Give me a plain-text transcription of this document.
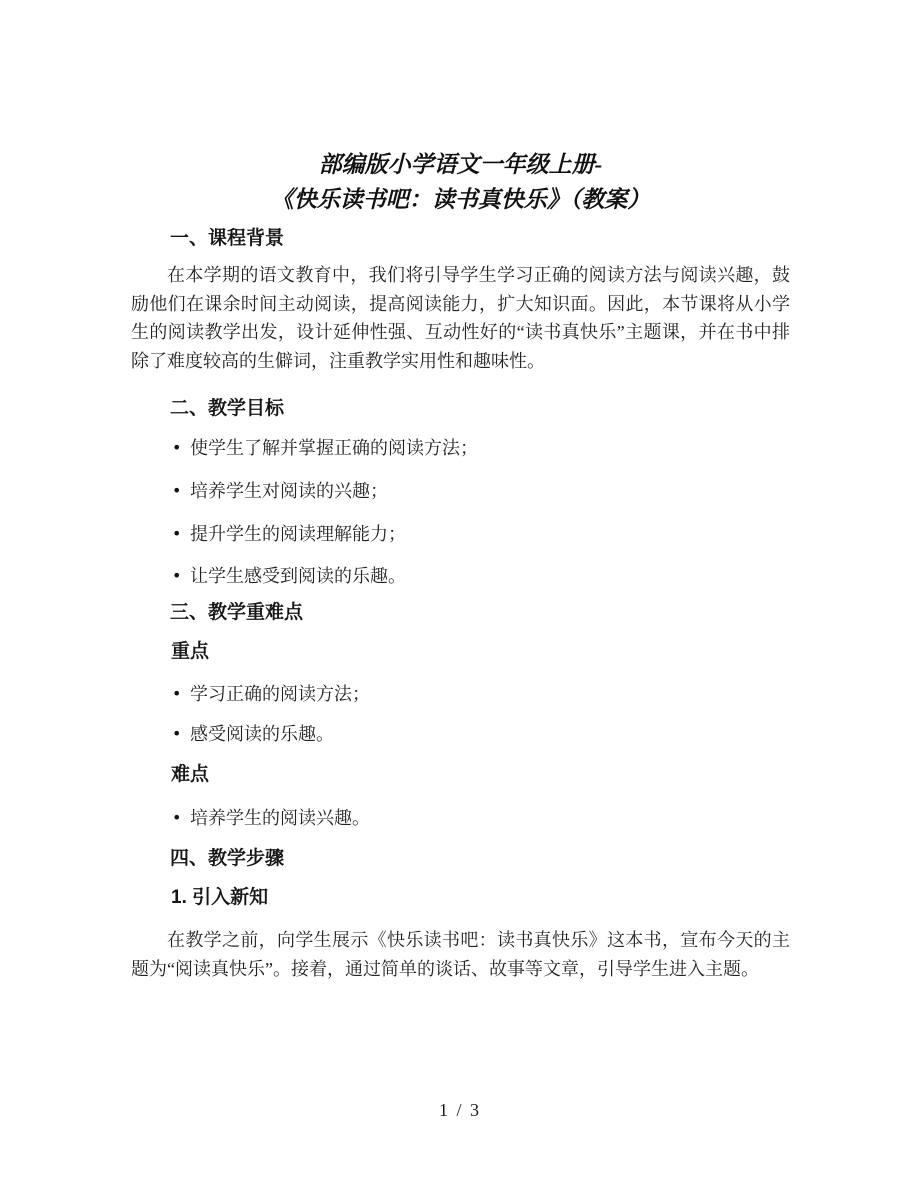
部编版小学语文一年级上册-
《快乐读书吧：读书真快乐》（教案）
一、课程背景

在本学期的语文教育中，我们将引导学生学习正确的阅读方法与阅读兴趣，鼓励他们在课余时间主动阅读，提高阅读能力，扩大知识面。因此，本节课将从小学生的阅读教学出发，设计延伸性强、互动性好的“读书真快乐”主题课，并在书中排除了难度较高的生僻词，注重教学实用性和趣味性。

二、教学目标
• 使学生了解并掌握正确的阅读方法；
• 培养学生对阅读的兴趣；
• 提升学生的阅读理解能力；
• 让学生感受到阅读的乐趣。
三、教学重难点
重点
• 学习正确的阅读方法；
• 感受阅读的乐趣。
难点
• 培养学生的阅读兴趣。
四、教学步骤
1. 引入新知

在教学之前，向学生展示《快乐读书吧：读书真快乐》这本书，宣布今天的主题为“阅读真快乐”。接着，通过简单的谈话、故事等文章，引导学生进入主题。

1 / 3
